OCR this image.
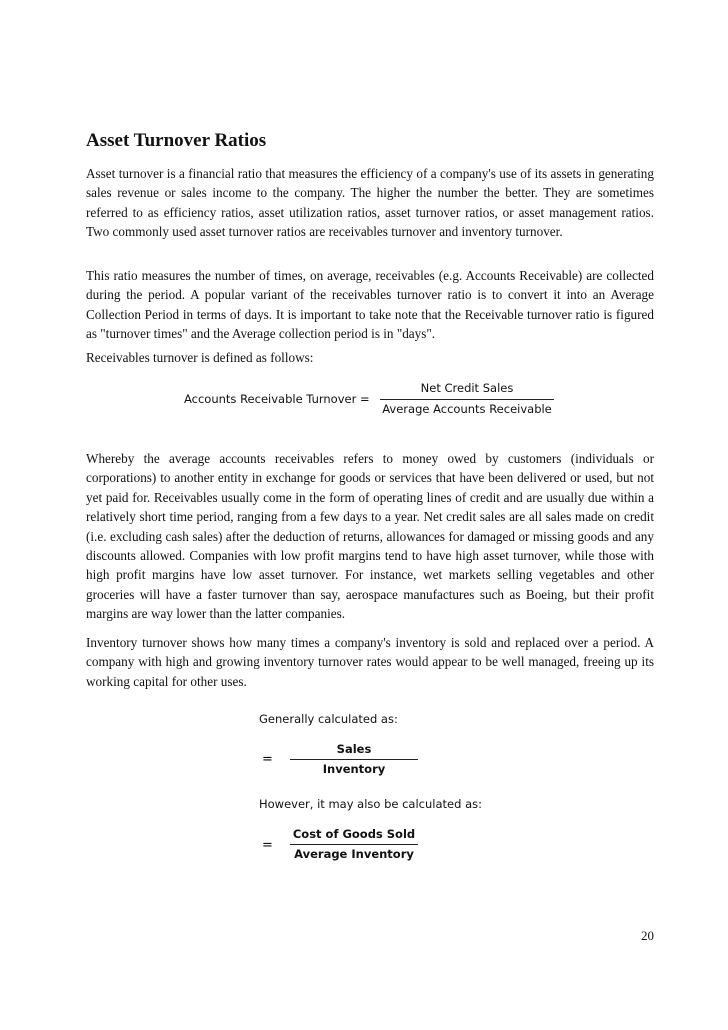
Asset Turnover Ratios

Asset turnover is a financial ratio that measures the efficiency of a company's use of its assets in generating sales revenue or sales income to the company. The higher the number the better. They are sometimes referred to as efficiency ratios, asset utilization ratios, asset turnover ratios, or asset management ratios. Two commonly used asset turnover ratios are receivables turnover and inventory turnover.

This ratio measures the number of times, on average, receivables (e.g. Accounts Receivable) are collected during the period. A popular variant of the receivables turnover ratio is to convert it into an Average Collection Period in terms of days. It is important to take note that the Receivable turnover ratio is figured as "turnover times" and the Average collection period is in "days".

Receivables turnover is defined as follows:

Accounts Receivable Turnover =
Net Credit Sales
Average Accounts Receivable

Whereby the average accounts receivables refers to money owed by customers (individuals or corporations) to another entity in exchange for goods or services that have been delivered or used, but not yet paid for. Receivables usually come in the form of operating lines of credit and are usually due within a relatively short time period, ranging from a few days to a year. Net credit sales are all sales made on credit (i.e. excluding cash sales) after the deduction of returns, allowances for damaged or missing goods and any discounts allowed. Companies with low profit margins tend to have high asset turnover, while those with high profit margins have low asset turnover. For instance, wet markets selling vegetables and other groceries will have a faster turnover than say, aerospace manufactures such as Boeing, but their profit margins are way lower than the latter companies.

Inventory turnover shows how many times a company's inventory is sold and replaced over a period. A company with high and growing inventory turnover rates would appear to be well managed, freeing up its working capital for other uses.

Generally calculated as:
=
Sales
Inventory
However, it may also be calculated as:
=
Cost of Goods Sold
Average Inventory
20
